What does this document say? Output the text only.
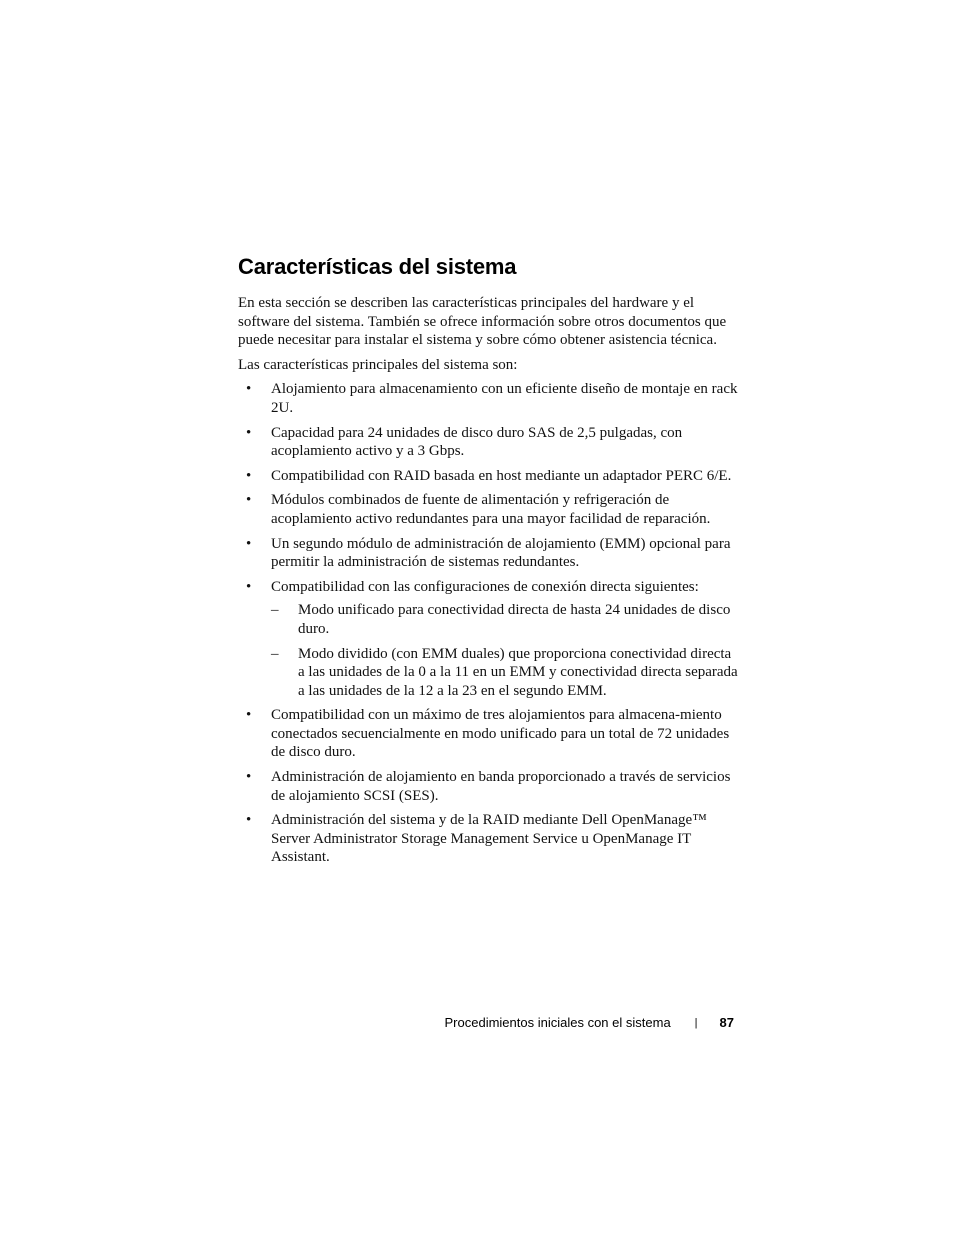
Características del sistema

En esta sección se describen las características principales del hardware y el software del sistema. También se ofrece información sobre otros documentos que puede necesitar para instalar el sistema y sobre cómo obtener asistencia técnica.

Las características principales del sistema son:

• Alojamiento para almacenamiento con un eficiente diseño de montaje en rack 2U.
• Capacidad para 24 unidades de disco duro SAS de 2,5 pulgadas, con acoplamiento activo y a 3 Gbps.
• Compatibilidad con RAID basada en host mediante un adaptador PERC 6/E.
• Módulos combinados de fuente de alimentación y refrigeración de acoplamiento activo redundantes para una mayor facilidad de reparación.
• Un segundo módulo de administración de alojamiento (EMM) opcional para permitir la administración de sistemas redundantes.
• Compatibilidad con las configuraciones de conexión directa siguientes:
– Modo unificado para conectividad directa de hasta 24 unidades de disco duro.
– Modo dividido (con EMM duales) que proporciona conectividad directa a las unidades de la 0 a la 11 en un EMM y conectividad directa separada a las unidades de la 12 a la 23 en el segundo EMM.
• Compatibilidad con un máximo de tres alojamientos para almacena-miento conectados secuencialmente en modo unificado para un total de 72 unidades de disco duro.
• Administración de alojamiento en banda proporcionado a través de servicios de alojamiento SCSI (SES).
• Administración del sistema y de la RAID mediante Dell OpenManage™ Server Administrator Storage Management Service u OpenManage IT Assistant.
Procedimientos iniciales con el sistema | 87
